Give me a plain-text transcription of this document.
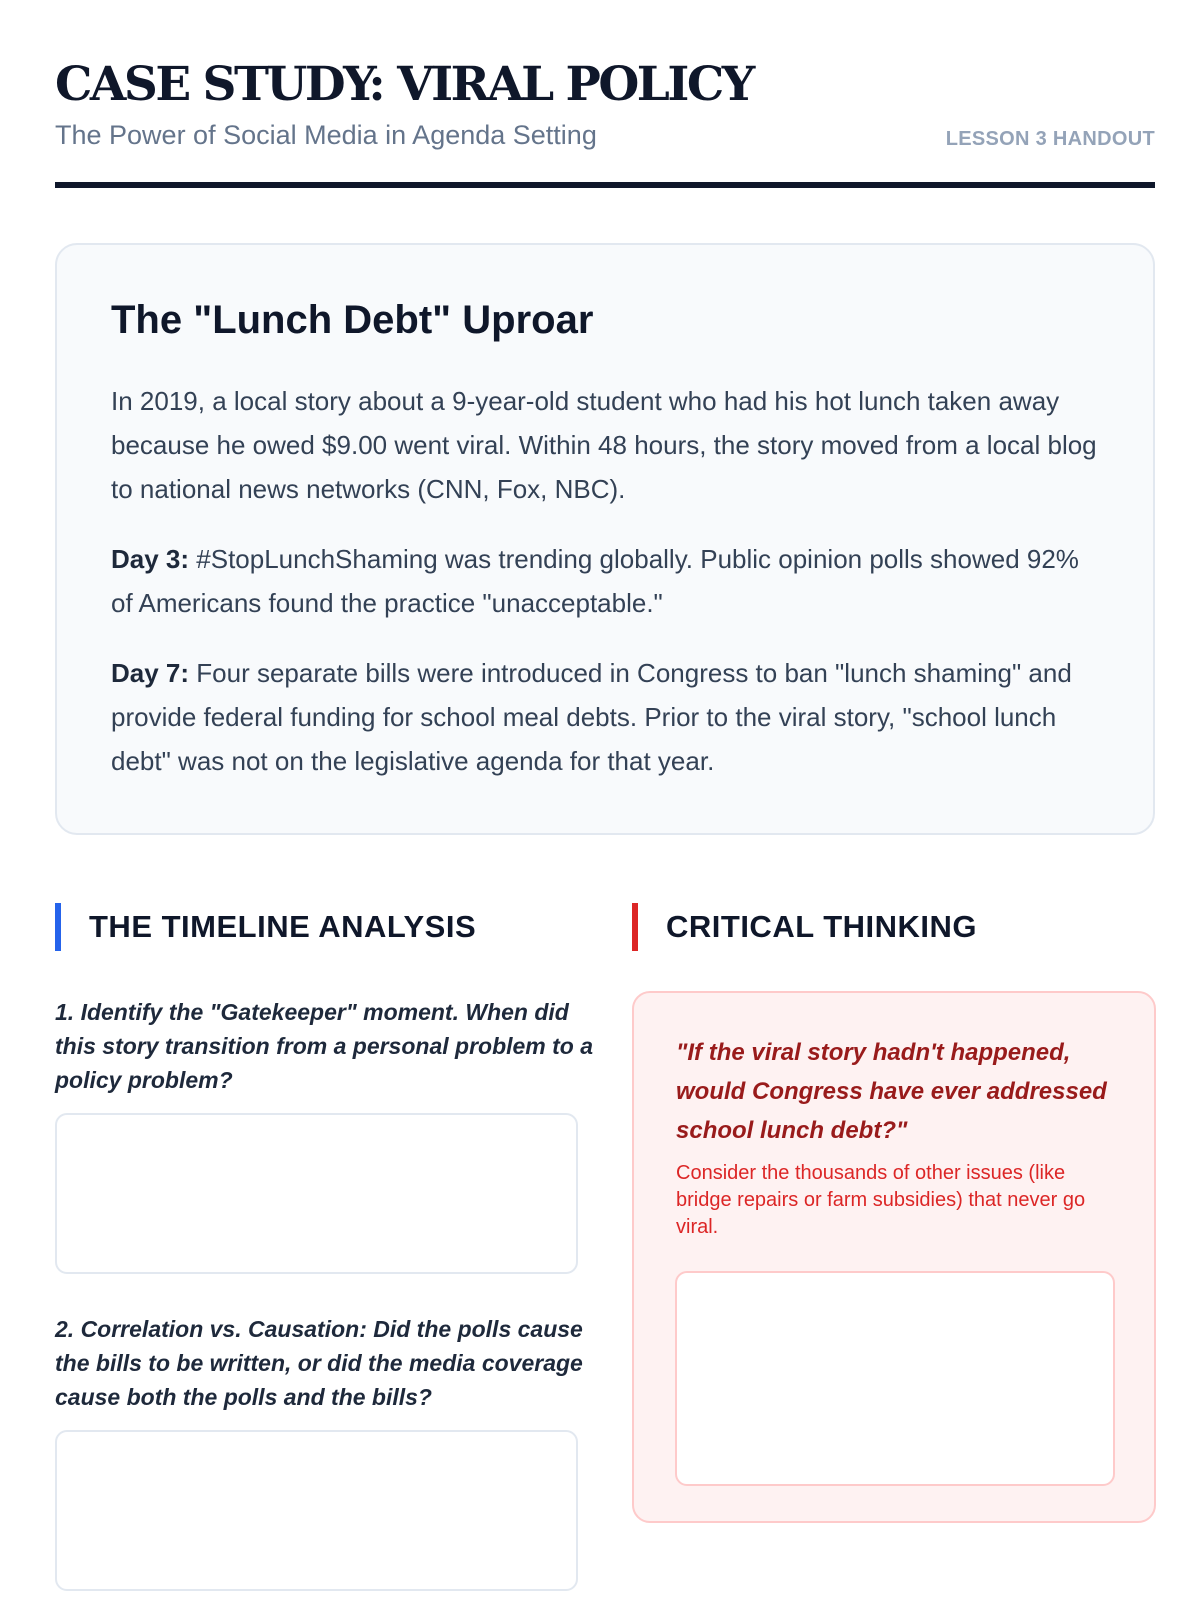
CASE STUDY: VIRAL POLICY
The Power of Social Media in Agenda Setting	LESSON 3 HANDOUT
The "Lunch Debt" Uproar

In 2019, a local story about a 9-year-old student who had his hot lunch taken away because he owed $9.00 went viral. Within 48 hours, the story moved from a local blog to national news networks (CNN, Fox, NBC).

Day 3: #StopLunchShaming was trending globally. Public opinion polls showed 92% of Americans found the practice "unacceptable."

Day 7: Four separate bills were introduced in Congress to ban "lunch shaming" and provide federal funding for school meal debts. Prior to the viral story, "school lunch debt" was not on the legislative agenda for that year.

THE TIMELINE ANALYSIS	CRITICAL THINKING
1. Identify the "Gatekeeper" moment. When did this story transition from a personal problem to a policy problem?
2. Correlation vs. Causation: Did the polls cause the bills to be written, or did the media coverage cause both the polls and the bills?
"If the viral story hadn't happened, would Congress have ever addressed school lunch debt?"
Consider the thousands of other issues (like bridge repairs or farm subsidies) that never go viral.
